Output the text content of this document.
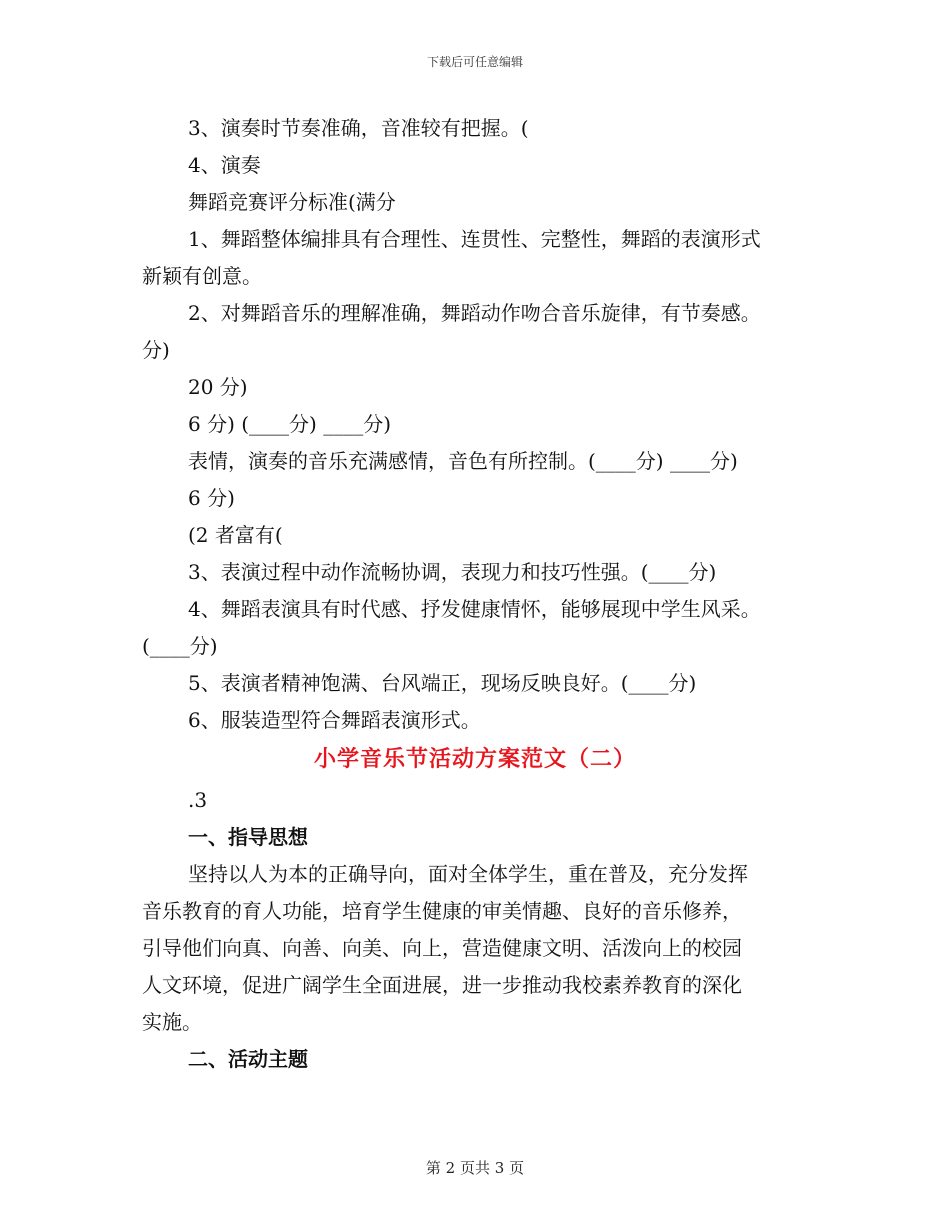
下载后可任意编辑
3、演奏时节奏准确，音准较有把握。(
4、演奏
舞蹈竞赛评分标准(满分
1、舞蹈整体编排具有合理性、连贯性、完整性，舞蹈的表演形式
新颖有创意。
2、对舞蹈音乐的理解准确，舞蹈动作吻合音乐旋律，有节奏感。
分)
20 分)
6 分) (____分) ____分)
表情，演奏的音乐充满感情，音色有所控制。(____分) ____分)
6 分)
(2 者富有(
3、表演过程中动作流畅协调，表现力和技巧性强。(____分)
4、舞蹈表演具有时代感、抒发健康情怀，能够展现中学生风采。
(____分)
5、表演者精神饱满、台风端正，现场反映良好。(____分)
6、服装造型符合舞蹈表演形式。
小学音乐节活动方案范文（二）
.3
一、指导思想
坚持以人为本的正确导向，面对全体学生，重在普及，充分发挥
音乐教育的育人功能，培育学生健康的审美情趣、良好的音乐修养，
引导他们向真、向善、向美、向上，营造健康文明、活泼向上的校园
人文环境，促进广阔学生全面进展，进一步推动我校素养教育的深化
实施。
二、活动主题
第 2 页共 3 页
